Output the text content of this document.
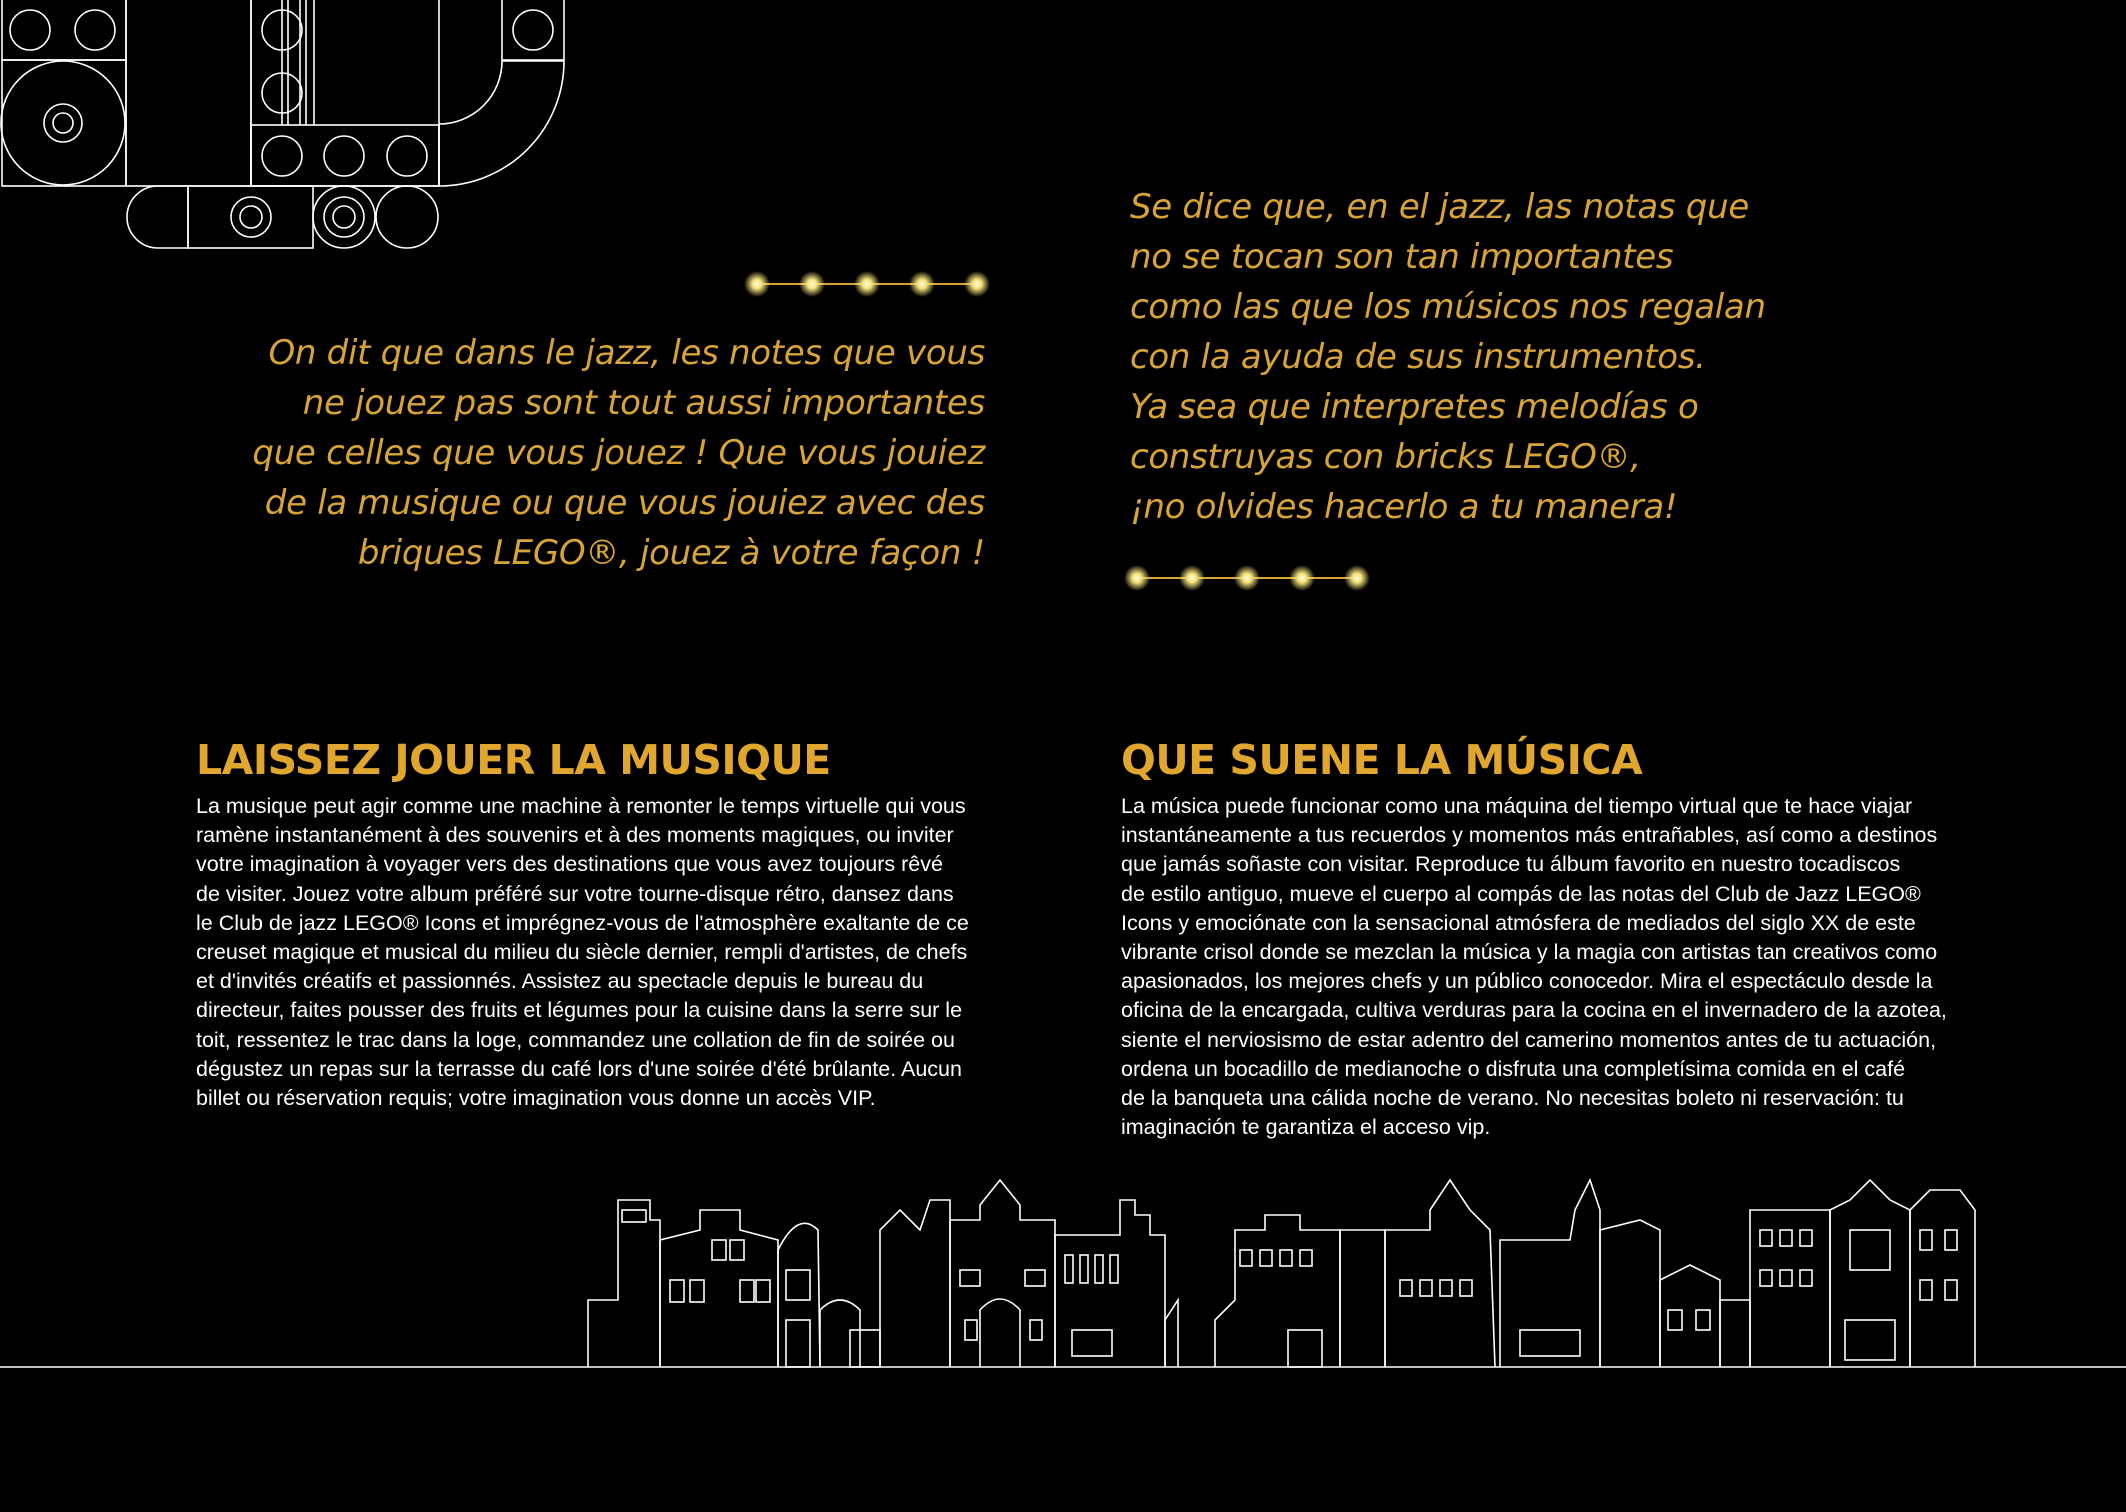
On dit que dans le jazz, les notes que vous
ne jouez pas sont tout aussi importantes
que celles que vous jouez ! Que vous jouiez
de la musique ou que vous jouiez avec des
briques LEGO®, jouez à votre façon !
Se dice que, en el jazz, las notas que
no se tocan son tan importantes
como las que los músicos nos regalan
con la ayuda de sus instrumentos.
Ya sea que interpretes melodías o
construyas con bricks LEGO®,
¡no olvides hacerlo a tu manera!
LAISSEZ JOUER LA MUSIQUE

La musique peut agir comme une machine à remonter le temps virtuelle qui vous
ramène instantanément à des souvenirs et à des moments magiques, ou inviter
votre imagination à voyager vers des destinations que vous avez toujours rêvé
de visiter. Jouez votre album préféré sur votre tourne-disque rétro, dansez dans
le Club de jazz LEGO® Icons et imprégnez-vous de l'atmosphère exaltante de ce
creuset magique et musical du milieu du siècle dernier, rempli d'artistes, de chefs
et d'invités créatifs et passionnés. Assistez au spectacle depuis le bureau du
directeur, faites pousser des fruits et légumes pour la cuisine dans la serre sur le
toit, ressentez le trac dans la loge, commandez une collation de fin de soirée ou
dégustez un repas sur la terrasse du café lors d'une soirée d'été brûlante. Aucun
billet ou réservation requis; votre imagination vous donne un accès VIP.

QUE SUENE LA MÚSICA

La música puede funcionar como una máquina del tiempo virtual que te hace viajar
instantáneamente a tus recuerdos y momentos más entrañables, así como a destinos
que jamás soñaste con visitar. Reproduce tu álbum favorito en nuestro tocadiscos
de estilo antiguo, mueve el cuerpo al compás de las notas del Club de Jazz LEGO®
Icons y emociónate con la sensacional atmósfera de mediados del siglo XX de este
vibrante crisol donde se mezclan la música y la magia con artistas tan creativos como
apasionados, los mejores chefs y un público conocedor. Mira el espectáculo desde la
oficina de la encargada, cultiva verduras para la cocina en el invernadero de la azotea,
siente el nerviosismo de estar adentro del camerino momentos antes de tu actuación,
ordena un bocadillo de medianoche o disfruta una completísima comida en el café
de la banqueta una cálida noche de verano. No necesitas boleto ni reservación: tu
imaginación te garantiza el acceso vip.
